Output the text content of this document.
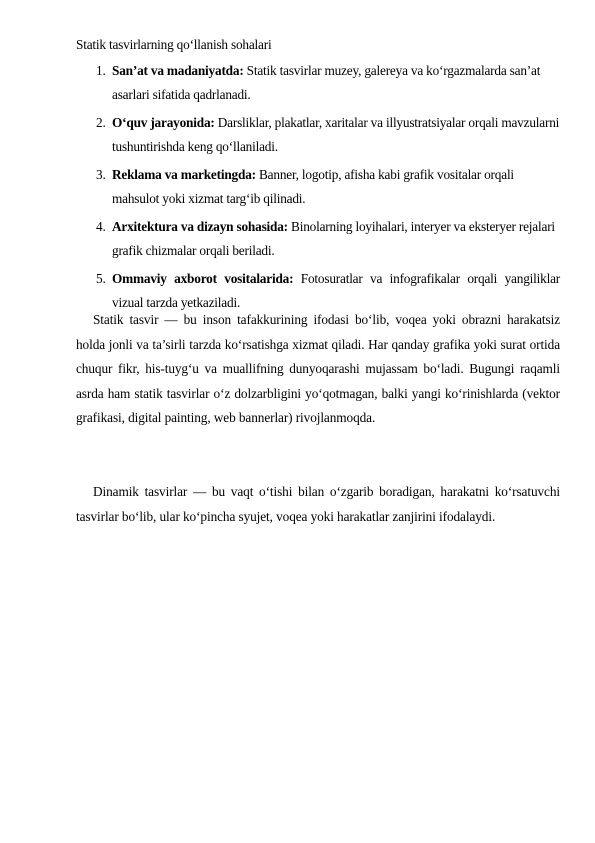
Statik tasvirlarning qo‘llanish sohalari
1. San’at va madaniyatda: Statik tasvirlar muzey, galereya va ko‘rgazmalarda san’at asarlari sifatida qadrlanadi.
2. O‘quv jarayonida: Darsliklar, plakatlar, xaritalar va illyustratsiyalar orqali mavzularni tushuntirishda keng qo‘llaniladi.
3. Reklama va marketingda: Banner, logotip, afisha kabi grafik vositalar orqali mahsulot yoki xizmat targ‘ib qilinadi.
4. Arxitektura va dizayn sohasida: Binolarning loyihalari, interyer va eksteryer rejalari grafik chizmalar orqali beriladi.
5. Ommaviy axborot vositalarida: Fotosuratlar va infografikalar orqali yangiliklar vizual tarzda yetkaziladi.

Statik tasvir — bu inson tafakkurining ifodasi bo‘lib, voqea yoki obrazni harakatsiz holda jonli va ta’sirli tarzda ko‘rsatishga xizmat qiladi. Har qanday grafika yoki surat ortida chuqur fikr, his-tuyg‘u va muallifning dunyoqarashi mujassam bo‘ladi. Bugungi raqamli asrda ham statik tasvirlar o‘z dolzarbligini yo‘qotmagan, balki yangi ko‘rinishlarda (vektor grafikasi, digital painting, web bannerlar) rivojlanmoqda.

Dinamik tasvirlar — bu vaqt o‘tishi bilan o‘zgarib boradigan, harakatni ko‘rsatuvchi tasvirlar bo‘lib, ular ko‘pincha syujet, voqea yoki harakatlar zanjirini ifodalaydi.
